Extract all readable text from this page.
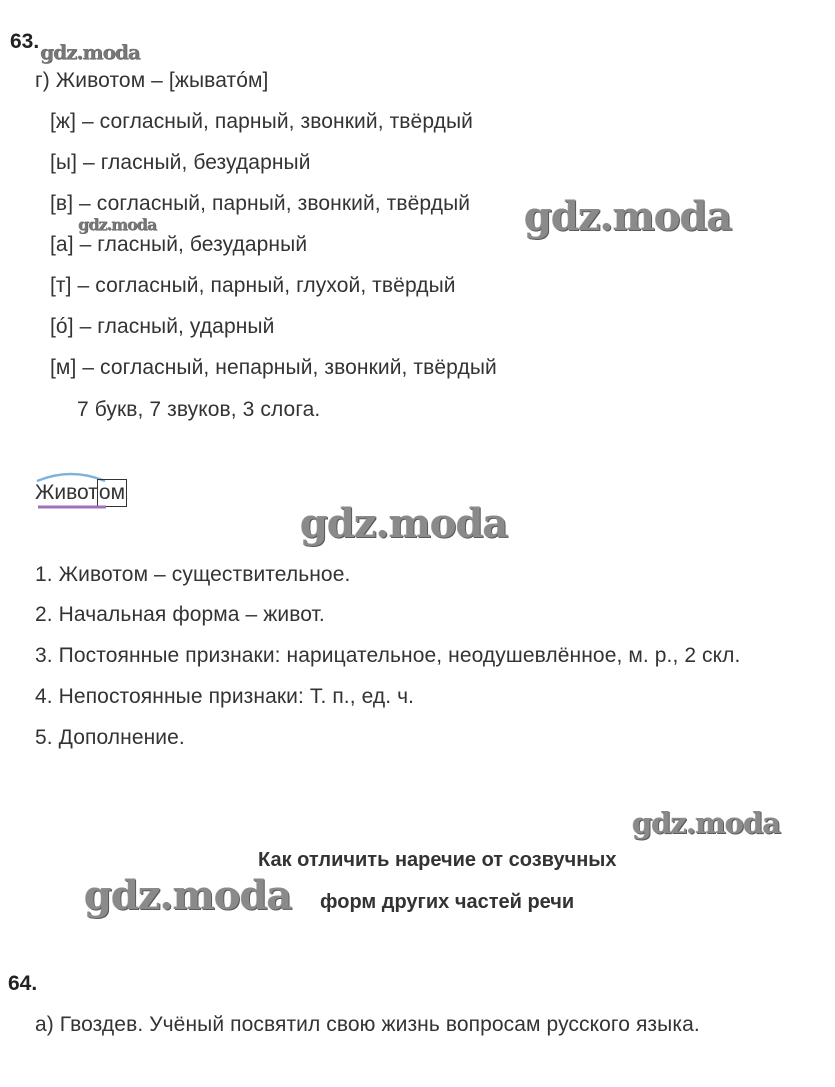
63. gdz.moda
г) Животом – [жыватóм]
[ж] – согласный, парный, звонкий, твёрдый
[ы] – гласный, безударный
[в] – согласный, парный, звонкий, твёрдый
[а] – гласный, безударный
[т] – согласный, парный, глухой, твёрдый
[ó] – гласный, ударный
[м] – согласный, непарный, звонкий, твёрдый
gdz.moda	gdz.moda
7 букв, 7 звуков, 3 слога.
Животом
gdz.moda
1. Животом – существительное.
2. Начальная форма – живот.
3. Постоянные признаки: нарицательное, неодушевлённое, м. р., 2 скл.
4. Непостоянные признаки: Т. п., ед. ч.
5. Дополнение.
gdz.moda
Как отличить наречие от созвучных
gdz.moda форм других частей речи
64.
а) Гвоздев. Учёный посвятил свою жизнь вопросам русского языка.
